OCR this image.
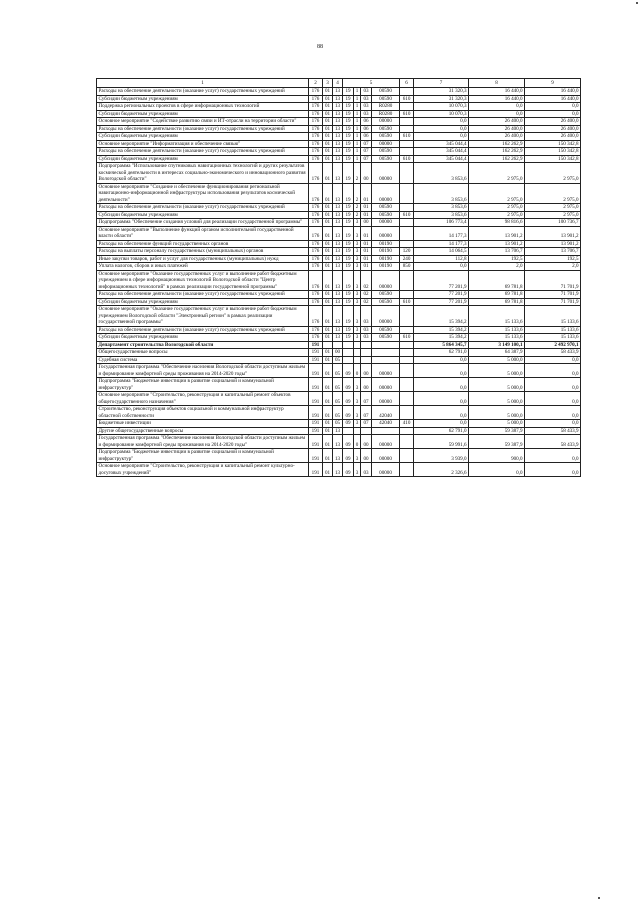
88
1	2	3	4	5				6	7	8	9
Расходы на обеспечение деятельности (оказание услуг) государственных учреждений	176	01	13	19	1	03	00590		31 320,3	16 440,0	16 440,0
Субсидии бюджетным учреждениям	176	01	13	19	1	03	00590	610	31 320,3	16 440,0	16 440,0
Поддержка региональных проектов в сфере информационных технологий	176	01	13	19	1	03	R0280		10 070,3	0,0	0,0
Субсидии бюджетным учреждениям	176	01	13	19	1	03	R0280	610	10 070,3	0,0	0,0
Основное мероприятие "Содействие развитию связи и ИТ-отрасли на территории области"	176	01	13	19	1	06	00000		0,0	26 400,0	26 400,0
Расходы на обеспечение деятельности (оказание услуг) государственных учреждений	176	01	13	19	1	06	00590		0,0	26 400,0	26 400,0
Субсидии бюджетным учреждениям	176	01	13	19	1	06	00590	610	0,0	26 400,0	26 400,0
Основное мероприятие "Информатизация и обеспечение связью"	176	01	13	19	1	07	00000		345 044,4	162 262,9	150 342,8
Расходы на обеспечение деятельности (оказание услуг) государственных учреждений	176	01	13	19	1	07	00590		345 044,4	162 262,9	150 342,8
Субсидии бюджетным учреждениям	176	01	13	19	1	07	00590	610	345 044,4	162 262,9	150 342,8
Подпрограмма "Использование спутниковых навигационных технологий и других результатов космической деятельности в интересах социально-экономического и инновационного развития Вологодской области"	176	01	13	19	2	00	00000		3 853,6	2 975,0	2 975,0
Основное мероприятие "Создание и обеспечение функционирования региональной навигационно-информационной инфраструктуры использования результатов космической деятельности"	176	01	13	19	2	01	00000		3 853,6	2 975,0	2 975,0
Расходы на обеспечение деятельности (оказание услуг) государственных учреждений	176	01	13	19	2	01	00590		3 853,6	2 975,0	2 975,0
Субсидии бюджетным учреждениям	176	01	13	19	2	01	00590	610	3 853,6	2 975,0	2 975,0
Подпрограмма "Обеспечение создания условий для реализации государственной программы"	176	01	13	19	3	00	00000		106 773,4	98 816,6	100 736,7
Основное мероприятие "Выполнение функций органом исполнительной государственной власти области"	176	01	13	19	3	01	00000		14 177,3	13 901,2	13 901,2
Расходы на обеспечение функций государственных органов	176	01	13	19	3	01	00190		14 177,3	13 901,2	13 901,2
Расходы на выплаты персоналу государственных (муниципальных) органов	176	01	13	19	3	01	00190	120	14 064,5	13 706,7	13 706,7
Иные закупки товаров, работ и услуг для государственных (муниципальных) нужд	176	01	13	19	3	01	00190	240	112,8	192,5	192,5
Уплата налогов, сборов и иных платежей	176	01	13	19	3	01	00190	850	0,0	2,0	2,0
Основное мероприятие "Оказание государственных услуг и выполнение работ бюджетным учреждением в сфере информационных технологий Вологодской области "Центр информационных технологий" в рамках реализации государственной программы"	176	01	13	19	3	02	00000		77 201,9	69 781,8	71 701,9
Расходы на обеспечение деятельности (оказание услуг) государственных учреждений	176	01	13	19	3	02	00590		77 201,9	69 781,8	71 701,9
Субсидии бюджетным учреждениям	176	01	13	19	3	02	00590	610	77 201,9	69 781,8	71 701,9
Основное мероприятие "Оказание государственных услуг и выполнение работ бюджетным учреждением Вологодской области "Электронный регион" в рамках реализации государственной программы"	176	01	13	19	3	03	00000		15 394,2	15 133,6	15 133,6
Расходы на обеспечение деятельности (оказание услуг) государственных учреждений	176	01	13	19	3	03	00590		15 394,2	15 133,6	15 133,6
Субсидии бюджетным учреждениям	176	01	13	19	3	03	00590	610	15 394,2	15 133,6	15 133,6
Департамент строительства Вологодской области	191								5 864 345,7	3 149 100,1	2 492 970,1
Общегосударственные вопросы	191	01	00						62 791,0	64 387,9	58 433,9
Судебная система	191	01	05						0,0	5 000,0	0,0
Государственная программа "Обеспечение населения Вологодской области доступным жильем и формирование комфортной среды проживания на 2014-2020 годы"	191	01	05	09	0	00	00000		0,0	5 000,0	0,0
Подпрограмма "Бюджетные инвестиции в развитие социальной и коммунальной инфраструктур"	191	01	05	09	3	00	00000		0,0	5 000,0	0,0
Основное мероприятие "Строительство, реконструкция и капитальный ремонт объектов общегосударственного назначения"	191	01	05	09	3	07	00000		0,0	5 000,0	0,0
Строительство, реконструкция объектов социальной и коммунальной инфраструктур областной собственности	191	01	05	09	3	07	42040		0,0	5 000,0	0,0
Бюджетные инвестиции	191	01	05	09	3	07	42040	410	0,0	5 000,0	0,0
Другие общегосударственные вопросы	191	01	13						62 791,0	59 387,9	58 433,9
Государственная программа "Обеспечение населения Вологодской области доступным жильем и формирование комфортной среды проживания на 2014-2020 годы"	191	01	13	09	0	00	00000		59 991,6	59 387,9	58 433,9
Подпрограмма "Бюджетные инвестиции в развитие социальной и коммунальной инфраструктур"	191	01	13	09	3	00	00000		3 939,0	900,0	0,0
Основное мероприятие "Строительство, реконструкция и капитальный ремонт культурно-досуговых учреждений"	191	01	13	09	3	03	00000		2 326,6	0,0	0,0
